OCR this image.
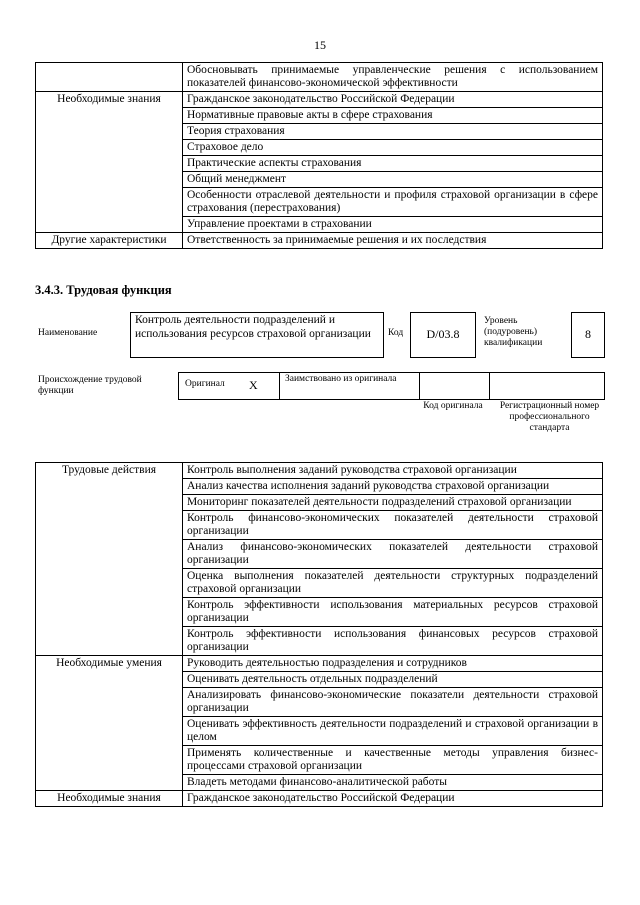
15
	Обосновывать принимаемые управленческие решения с использованием показателей финансово-экономической эффективности
Необходимые знания	Гражданское законодательство Российской Федерации
	Нормативные правовые акты в сфере страхования
	Теория страхования
	Страховое дело
	Практические аспекты страхования
	Общий менеджмент
	Особенности отраслевой деятельности и профиля страховой организации в сфере страхования (перестрахования)
	Управление проектами в страховании
Другие характеристики	Ответственность за принимаемые решения и их последствия
3.4.3. Трудовая функция
Наименование
Контроль деятельности подразделений и использования ресурсов страховой организации	Код	D/03.8
Уровень (подуровень) квалификации
8
Происхождение трудовой функции
Оригинал X	Заимствовано из оригинала
Код оригинала	Регистрационный номер профессионального стандарта
Трудовые действия	Контроль выполнения заданий руководства страховой организации
	Анализ качества исполнения заданий руководства страховой организации
	Мониторинг показателей деятельности подразделений страховой организации
	Контроль финансово-экономических показателей деятельности страховой организации
	Анализ финансово-экономических показателей деятельности страховой организации
	Оценка выполнения показателей деятельности структурных подразделений страховой организации
	Контроль эффективности использования материальных ресурсов страховой организации
	Контроль эффективности использования финансовых ресурсов страховой организации
Необходимые умения	Руководить деятельностью подразделения и сотрудников
	Оценивать деятельность отдельных подразделений
	Анализировать финансово-экономические показатели деятельности страховой организации
	Оценивать эффективность деятельности подразделений и страховой организации в целом
	Применять количественные и качественные методы управления бизнес-процессами страховой организации
	Владеть методами финансово-аналитической работы
Необходимые знания	Гражданское законодательство Российской Федерации
